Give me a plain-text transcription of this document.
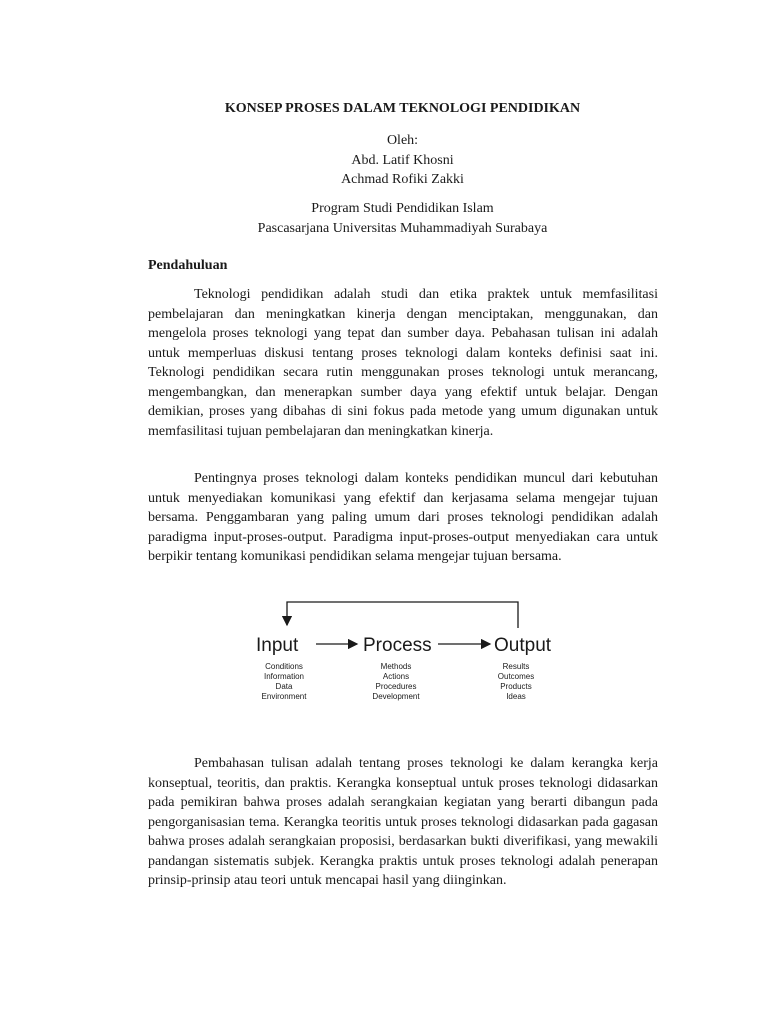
KONSEP PROSES DALAM TEKNOLOGI PENDIDIKAN
Oleh:
Abd. Latif Khosni
Achmad Rofiki Zakki
Program Studi Pendidikan Islam
Pascasarjana Universitas Muhammadiyah Surabaya
Pendahuluan

Teknologi pendidikan adalah studi dan etika praktek untuk memfasilitasi pembelajaran dan meningkatkan kinerja dengan menciptakan, menggunakan, dan mengelola proses teknologi yang tepat dan sumber daya. Pebahasan tulisan ini adalah untuk memperluas diskusi tentang proses teknologi dalam konteks definisi saat ini. Teknologi pendidikan secara rutin menggunakan proses teknologi untuk merancang, mengembangkan, dan menerapkan sumber daya yang efektif untuk belajar. Dengan demikian, proses yang dibahas di sini fokus pada metode yang umum digunakan untuk memfasilitasi tujuan pembelajaran dan meningkatkan kinerja.

Pentingnya proses teknologi dalam konteks pendidikan muncul dari kebutuhan untuk menyediakan komunikasi yang efektif dan kerjasama selama mengejar tujuan bersama. Penggambaran yang paling umum dari proses teknologi pendidikan adalah paradigma input-proses-output. Paradigma input-proses-output menyediakan cara untuk berpikir tentang komunikasi pendidikan selama mengejar tujuan bersama.

Input
Conditions
Information
Data
Environment
Process
Methods
Actions
Procedures
Development
Output
Results
Outcomes
Products
Ideas

Pembahasan tulisan adalah tentang proses teknologi ke dalam kerangka kerja konseptual, teoritis, dan praktis. Kerangka konseptual untuk proses teknologi didasarkan pada pemikiran bahwa proses adalah serangkaian kegiatan yang berarti dibangun pada pengorganisasian tema. Kerangka teoritis untuk proses teknologi didasarkan pada gagasan bahwa proses adalah serangkaian proposisi, berdasarkan bukti diverifikasi, yang mewakili pandangan sistematis subjek. Kerangka praktis untuk proses teknologi adalah penerapan prinsip-prinsip atau teori untuk mencapai hasil yang diinginkan.
